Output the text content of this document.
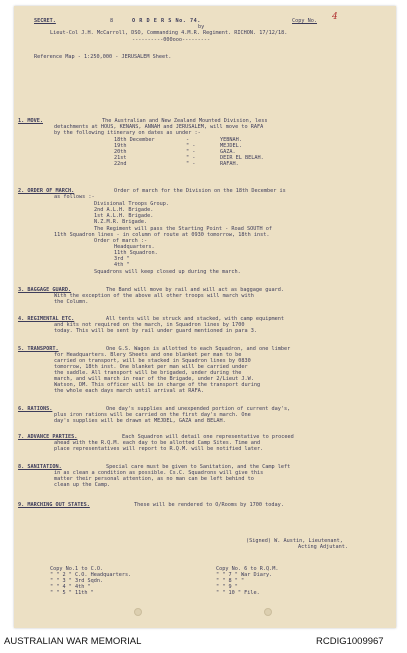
SECRET.	8	O R D E R S No. 74.	Copy No. 4
by
Lieut-Col J.H. McCarroll, DSO, Commanding 4.M.R. Regiment. RICHON. 17/12/18.
----------000ooo---------
Reference Map - 1:250,000 - JERUSALEM Sheet.
1. MOVE.	The Australian and New Zealand Mounted Division, less
detachments at HOUS, KENANS, ANNAH and JERUSALEM, will move to RAFA
by the following itinerary on dates as under :-
18th December	-	YEBNAH.
19th	" -	MEJDEL.
20th	" -	GAZA.
21st	" -	DEIR EL BELAH.
22nd	" -	RAFAH.
2. ORDER OF MARCH.	Order of march for the Division on the 18th December is
as follows :-
Divisional Troops Group.
2nd A.L.H. Brigade.
1st A.L.H. Brigade.
N.Z.M.R. Brigade.
The Regiment will pass the Starting Point - Road SOUTH of
11th Squadron lines - in column of route at 0930 tomorrow, 18th inst.
Order of march :-
Headquarters.
11th Squadron.
3rd "
4th "
Squadrons will keep closed up during the march.
3. BAGGAGE GUARD.	The Band will move by rail and will act as baggage guard.
With the exception of the above all other troops will march with
the Column.
4. REGIMENTAL ETC.	All tents will be struck and stacked, with camp equipment
and kits not required on the march, in Squadron lines by 1700
today. This will be sent by rail under guard mentioned in para 3.
5. TRANSPORT.	One G.S. Wagon is allotted to each Squadron, and one limber
for Headquarters. Blery Sheets and one blanket per man to be
carried on transport, will be stacked in Squadron lines by 0830
tomorrow, 18th inst. One blanket per man will be carried under
the saddle. All transport will be brigaded, under during the
march, and will march in rear of the Brigade, under 2/Lieut J.W.
Watson, DM. This officer will be in charge of the transport during
the whole each days march until arrival at RAFA.
6. RATIONS.	One day's supplies and unexpended portion of current day's,
plus iron rations will be carried on the first day's march. One
day's supplies will be drawn at MEJDEL, GAZA and BELAH.
7. ADVANCE PARTIES.	Each Squadron will detail one representative to proceed
ahead with the R.Q.M. each day to be allotted Camp Sites. Time and
place representatives will report to R.Q.M. will be notified later.
8. SANITATION.	Special care must be given to Sanitation, and the Camp left
in as clean a condition as possible. Cs.C. Squadrons will give this
matter their personal attention, as no man can be left behind to
clean up the Camp.
9. MARCHING OUT STATES.	These will be rendered to O/Rooms by 1700 today.
(Signed) W. Austin, Lieutenant,
Acting Adjutant.
Copy No.1 to C.O.
" " 2 " C.O. Headquarters.
" " 3 " 3rd Sqdn.
" " 4 " 4th "
" " 5 " 11th "
Copy No. 6 to R.Q.M.
" " 7 " War Diary.
" " 8 " "
" " 9 "
" " 10 " File.
AUSTRALIAN WAR MEMORIAL	RCDIG1009967
